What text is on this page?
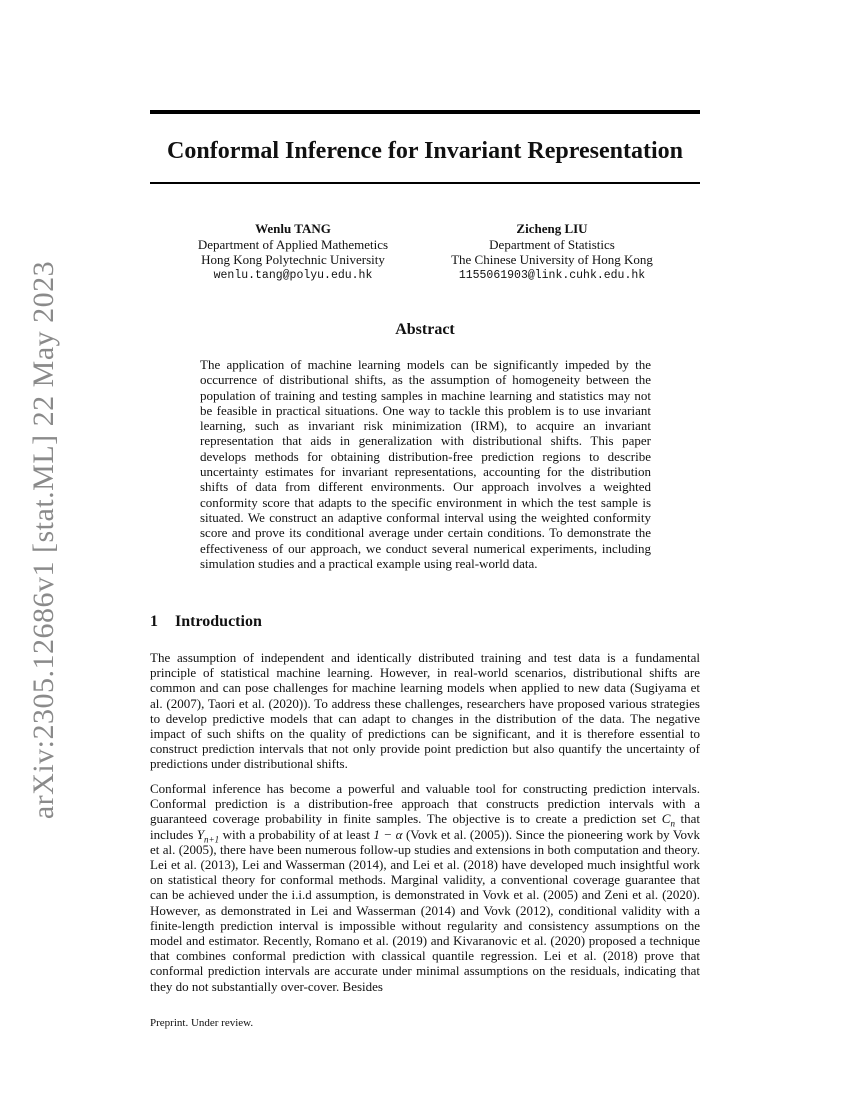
arXiv:2305.12686v1 [stat.ML] 22 May 2023
Conformal Inference for Invariant Representation
Wenlu TANG
Department of Applied Mathemetics
Hong Kong Polytechnic University
wenlu.tang@polyu.edu.hk
Zicheng LIU
Department of Statistics
The Chinese University of Hong Kong
1155061903@link.cuhk.edu.hk
Abstract

The application of machine learning models can be significantly impeded by the occurrence of distributional shifts, as the assumption of homogeneity between the population of training and testing samples in machine learning and statistics may not be feasible in practical situations. One way to tackle this problem is to use invariant learning, such as invariant risk minimization (IRM), to acquire an invariant representation that aids in generalization with distributional shifts. This paper develops methods for obtaining distribution-free prediction regions to describe uncertainty estimates for invariant representations, accounting for the distribution shifts of data from different environments. Our approach involves a weighted conformity score that adapts to the specific environment in which the test sample is situated. We construct an adaptive conformal interval using the weighted conformity score and prove its conditional average under certain conditions. To demonstrate the effectiveness of our approach, we conduct several numerical experiments, including simulation studies and a practical example using real-world data.

1 Introduction

The assumption of independent and identically distributed training and test data is a fundamental principle of statistical machine learning. However, in real-world scenarios, distributional shifts are common and can pose challenges for machine learning models when applied to new data (Sugiyama et al. (2007), Taori et al. (2020)). To address these challenges, researchers have proposed various strategies to develop predictive models that can adapt to changes in the distribution of the data. The negative impact of such shifts on the quality of predictions can be significant, and it is therefore essential to construct prediction intervals that not only provide point prediction but also quantify the uncertainty of predictions under distributional shifts.

Conformal inference has become a powerful and valuable tool for constructing prediction intervals. Conformal prediction is a distribution-free approach that constructs prediction intervals with a guaranteed coverage probability in finite samples. The objective is to create a prediction set $C_n$ that includes $Y_{n+1}$ with a probability of at least 1 − α (Vovk et al. (2005)). Since the pioneering work by Vovk et al. (2005), there have been numerous follow-up studies and extensions in both computation and theory. Lei et al. (2013), Lei and Wasserman (2014), and Lei et al. (2018) have developed much insightful work on statistical theory for conformal methods. Marginal validity, a conventional coverage guarantee that can be achieved under the i.i.d assumption, is demonstrated in Vovk et al. (2005) and Zeni et al. (2020). However, as demonstrated in Lei and Wasserman (2014) and Vovk (2012), conditional validity with a finite-length prediction interval is impossible without regularity and consistency assumptions on the model and estimator. Recently, Romano et al. (2019) and Kivaranovic et al. (2020) proposed a technique that combines conformal prediction with classical quantile regression. Lei et al. (2018) prove that conformal prediction intervals are accurate under minimal assumptions on the residuals, indicating that they do not substantially over-cover. Besides

Preprint. Under review.
